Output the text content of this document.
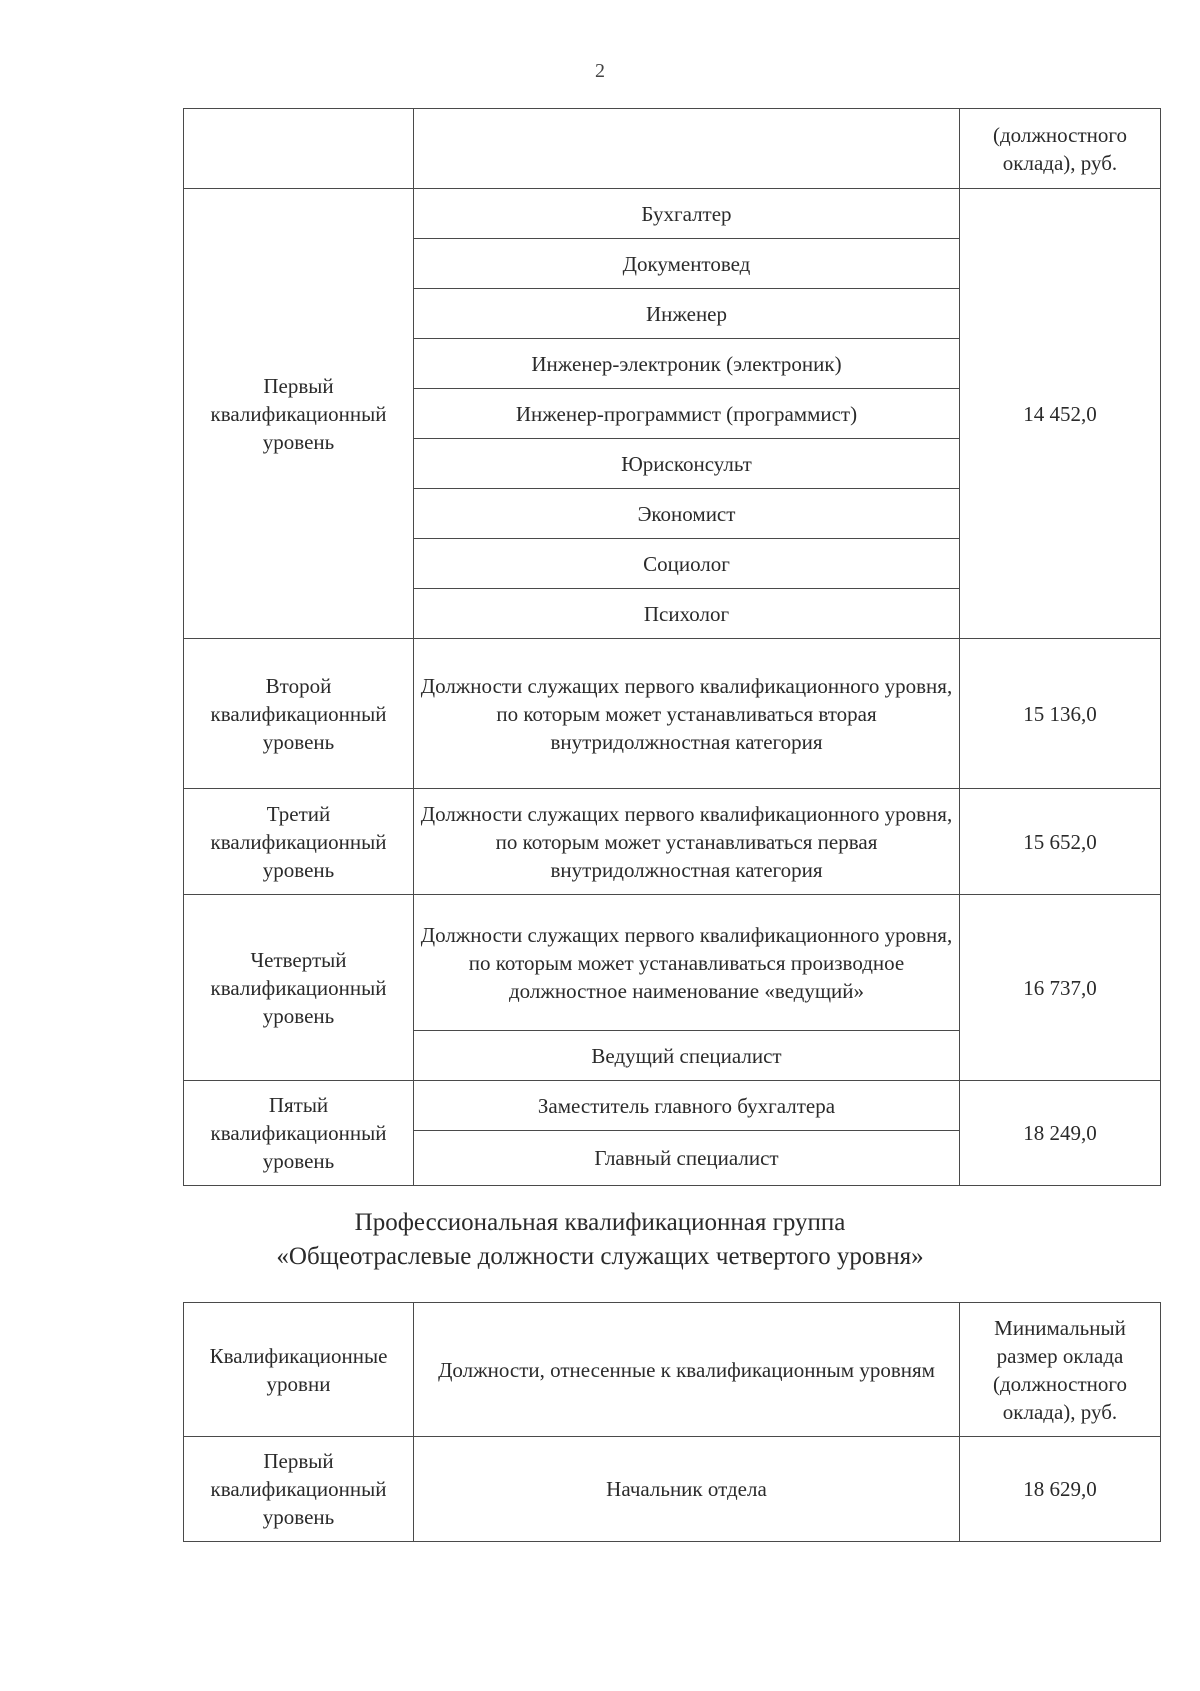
2
		(должностного оклада), руб.
Первый квалификационный уровень	Бухгалтер	14 452,0
	Документовед	
	Инженер	
	Инженер-электроник (электроник)	
	Инженер-программист (программист)	
	Юрисконсульт	
	Экономист	
	Социолог	
	Психолог	
Второй квалификационный уровень	Должности служащих первого квалификационного уровня, по которым может устанавливаться вторая внутридолжностная категория	15 136,0
Третий квалификационный уровень	Должности служащих первого квалификационного уровня, по которым может устанавливаться первая внутридолжностная категория	15 652,0
Четвертый квалификационный уровень	Должности служащих первого квалификационного уровня, по которым может устанавливаться производное должностное наименование «ведущий»	16 737,0
	Ведущий специалист	
Пятый квалификационный уровень	Заместитель главного бухгалтера	18 249,0
	Главный специалист	
Профессиональная квалификационная группа
«Общеотраслевые должности служащих четвертого уровня»
Квалификационные уровни	Должности, отнесенные к квалификационным уровням	Минимальный размер оклада (должностного оклада), руб.
Первый квалификационный уровень	Начальник отдела	18 629,0
